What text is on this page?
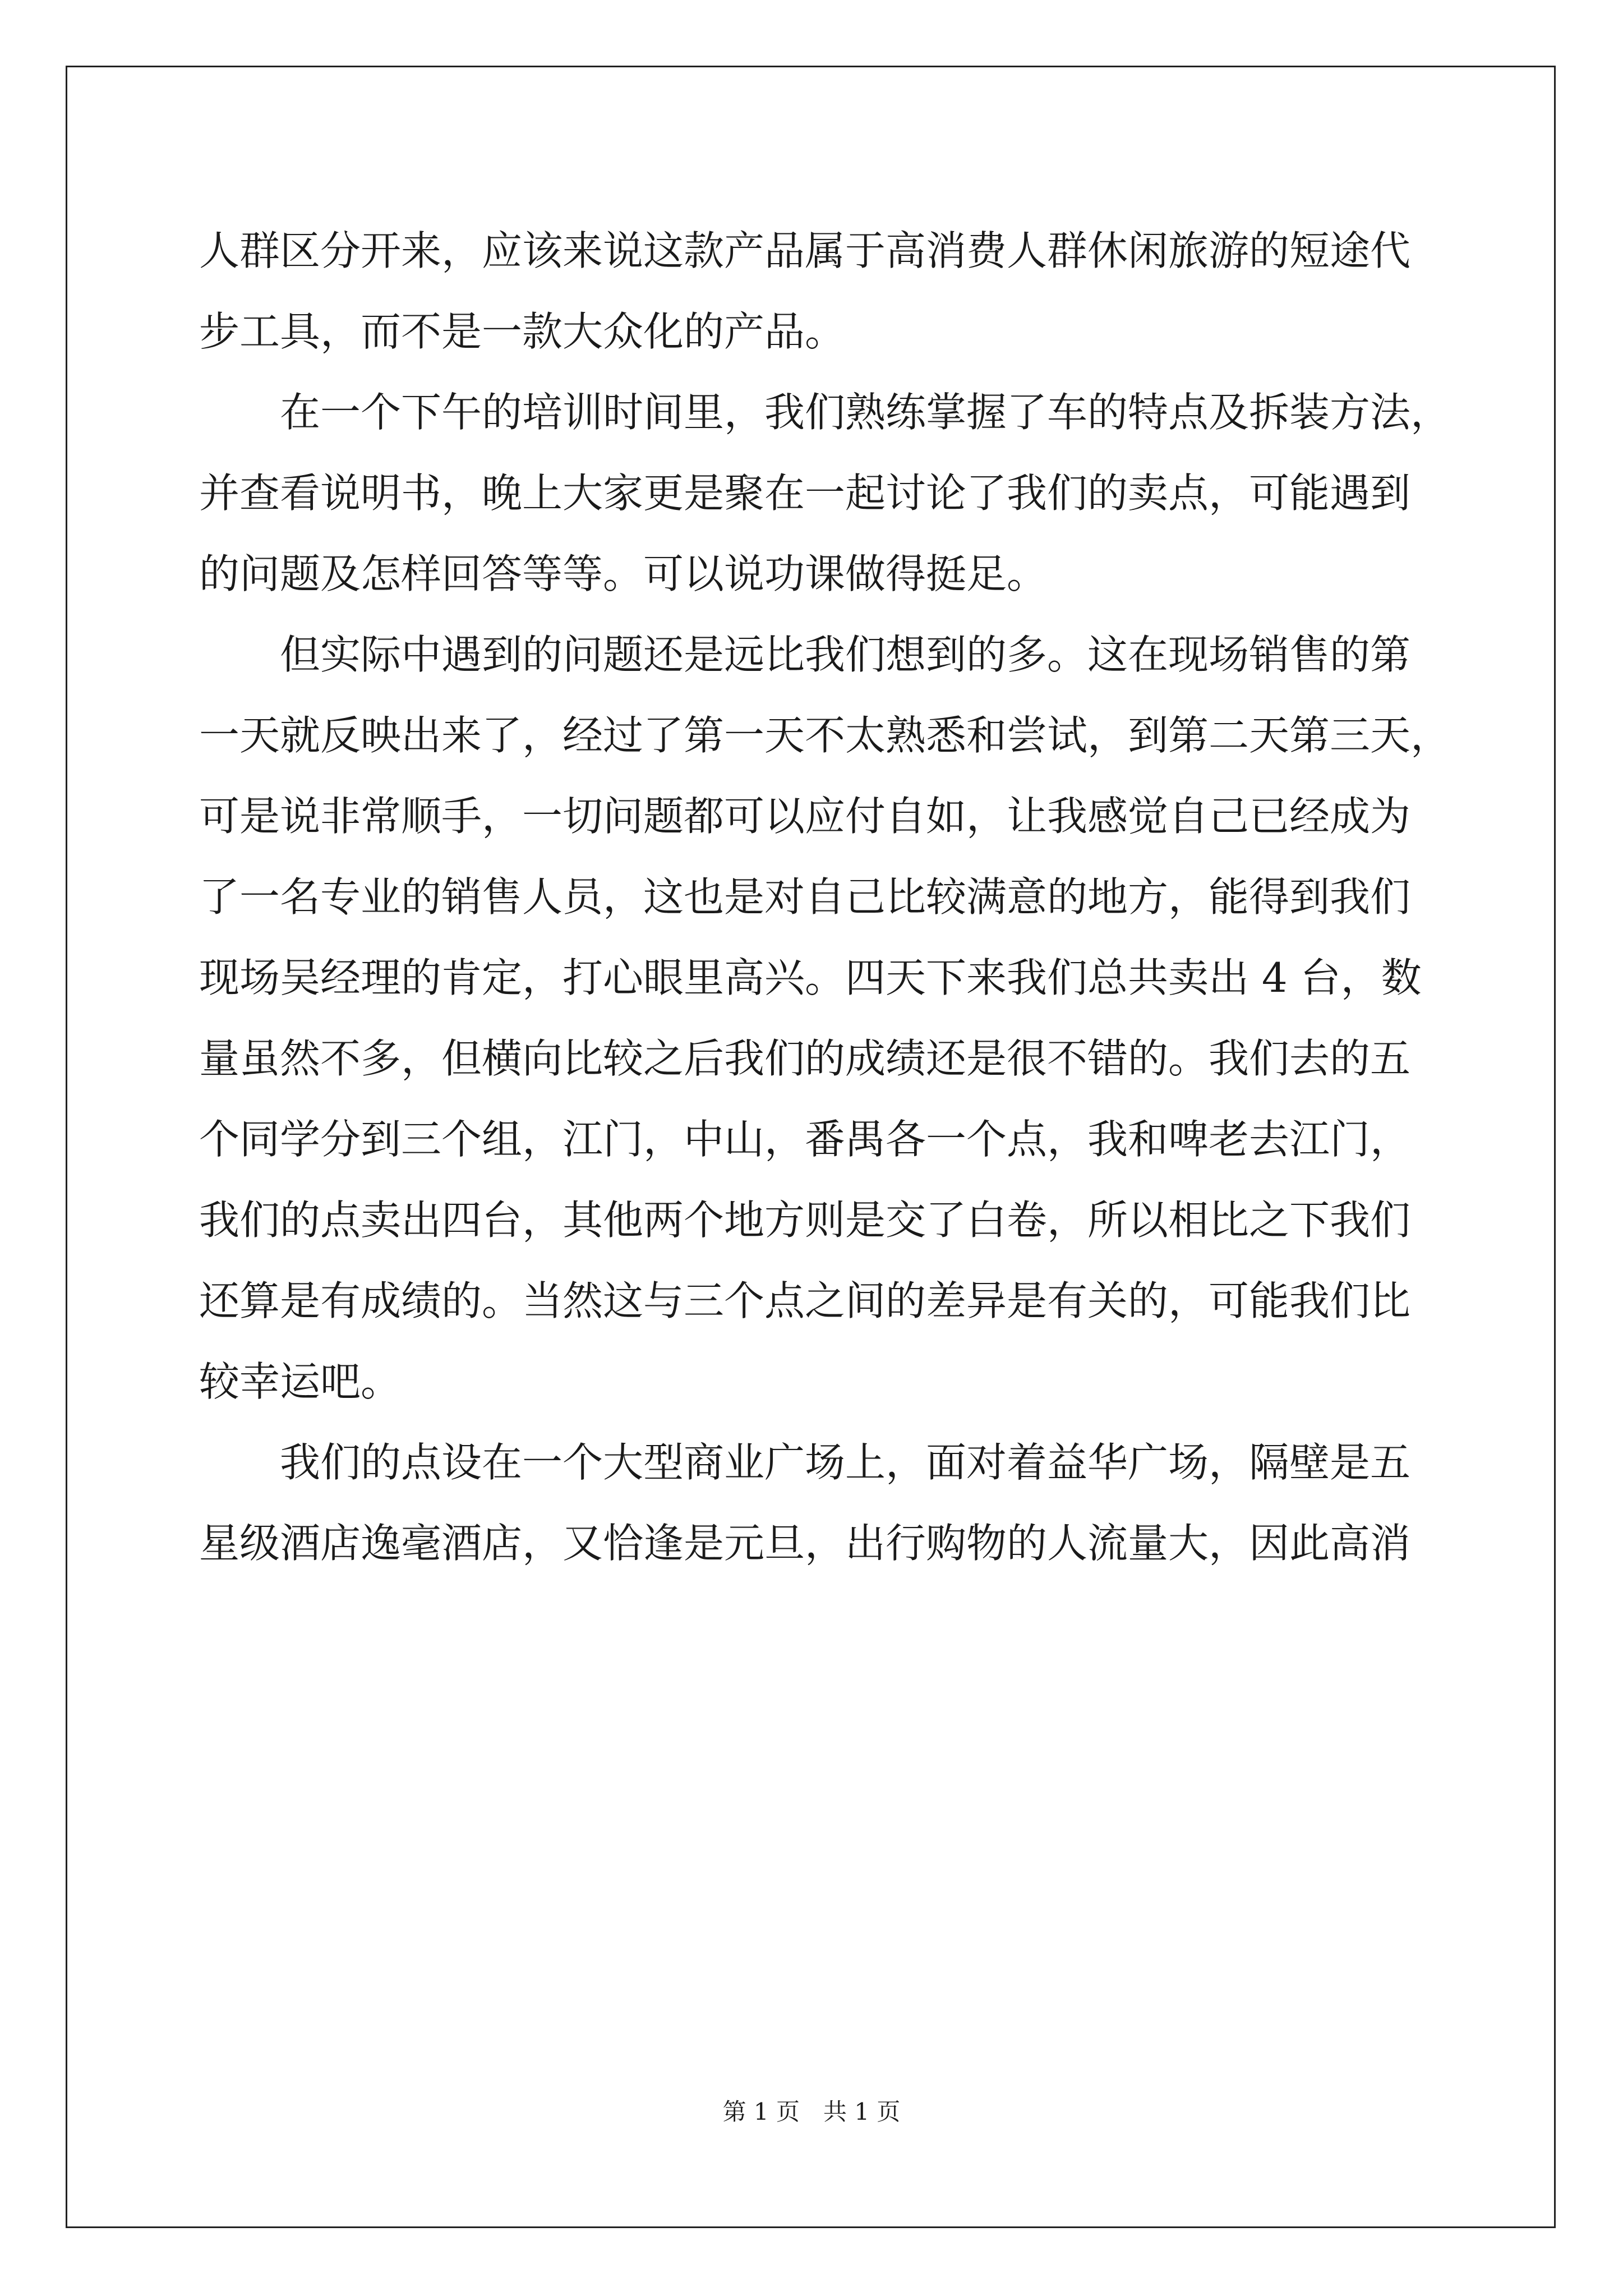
人群区分开来，应该来说这款产品属于高消费人群休闲旅游的短途代
步工具，而不是一款大众化的产品。
在一个下午的培训时间里，我们熟练掌握了车的特点及拆装方法，
并查看说明书，晚上大家更是聚在一起讨论了我们的卖点，可能遇到
的问题及怎样回答等等。可以说功课做得挺足。
但实际中遇到的问题还是远比我们想到的多。这在现场销售的第
一天就反映出来了，经过了第一天不太熟悉和尝试，到第二天第三天，
可是说非常顺手，一切问题都可以应付自如，让我感觉自己已经成为
了一名专业的销售人员，这也是对自己比较满意的地方，能得到我们
现场吴经理的肯定，打心眼里高兴。四天下来我们总共卖出 4 台，数
量虽然不多，但横向比较之后我们的成绩还是很不错的。我们去的五
个同学分到三个组，江门，中山，番禺各一个点，我和啤老去江门，
我们的点卖出四台，其他两个地方则是交了白卷，所以相比之下我们
还算是有成绩的。当然这与三个点之间的差异是有关的，可能我们比
较幸运吧。
我们的点设在一个大型商业广场上，面对着益华广场，隔壁是五
星级酒店逸毫酒店，又恰逢是元旦，出行购物的人流量大，因此高消
第 1 页　共 1 页
